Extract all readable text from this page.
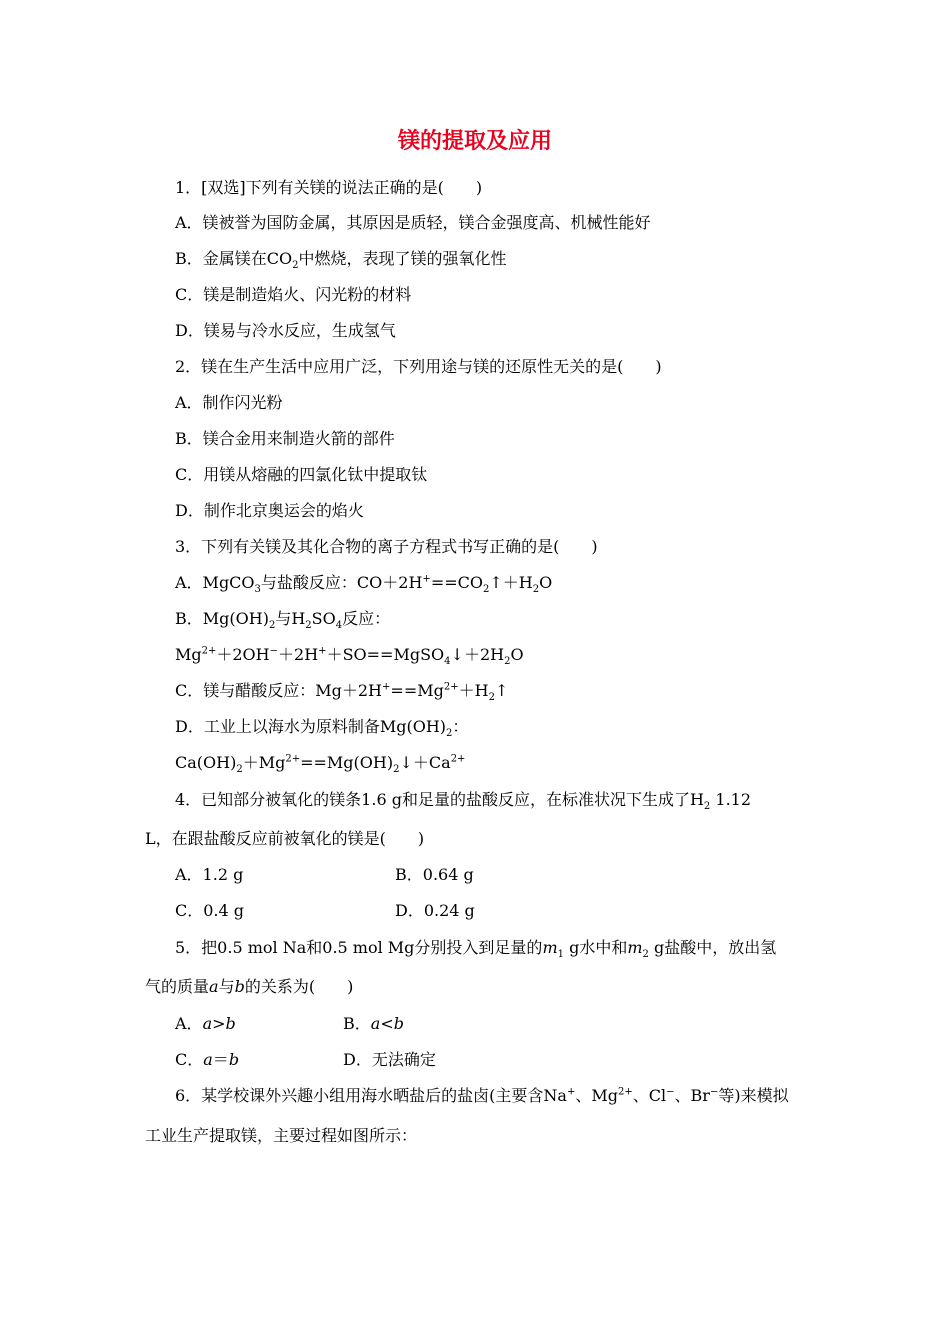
镁的提取及应用
1．[双选]下列有关镁的说法正确的是(　　)
A．镁被誉为国防金属，其原因是质轻，镁合金强度高、机械性能好
B．金属镁在$CO_2$中燃烧，表现了镁的强氧化性
C．镁是制造焰火、闪光粉的材料
D．镁易与冷水反应，生成氢气
2．镁在生产生活中应用广泛，下列用途与镁的还原性无关的是(　　)
A．制作闪光粉
B．镁合金用来制造火箭的部件
C．用镁从熔融的四氯化钛中提取钛
D．制作北京奥运会的焰火
3．下列有关镁及其化合物的离子方程式书写正确的是(　　)
A．MgCO$_3$与盐酸反应：$CO+2H^+==CO_2↑+H_2O$
B．$Mg(OH)_2$与$H_2SO_4$反应：
$Mg^{2+}+2OH^-+2H^++SO==MgSO_4↓+2H_2O$
C．镁与醋酸反应：$Mg+2H^+==Mg^{2+}+H_2↑$
D．工业上以海水为原料制备$Mg(OH)_2$：
$Ca(OH)_2+Mg^{2+}==Mg(OH)_2↓+Ca^{2+}$
4．已知部分被氧化的镁条1.6 g和足量的盐酸反应，在标准状况下生成了$H_2$ 1.12
L，在跟盐酸反应前被氧化的镁是(　　)
A．1.2 g	B．0.64 g
C．0.4 g	D．0.24 g
5．把0.5 mol Na和0.5 mol Mg分别投入到足量的$m_1$ g水中和$m_2$ g盐酸中，放出氢
气的质量a与b的关系为(　　)
A．a>b	B．a<b
C．a＝b	D．无法确定
6．某学校课外兴趣小组用海水晒盐后的盐卤(主要含Na+、$Mg^{2+}$、Cl−、Br−等)来模拟
工业生产提取镁，主要过程如图所示：
